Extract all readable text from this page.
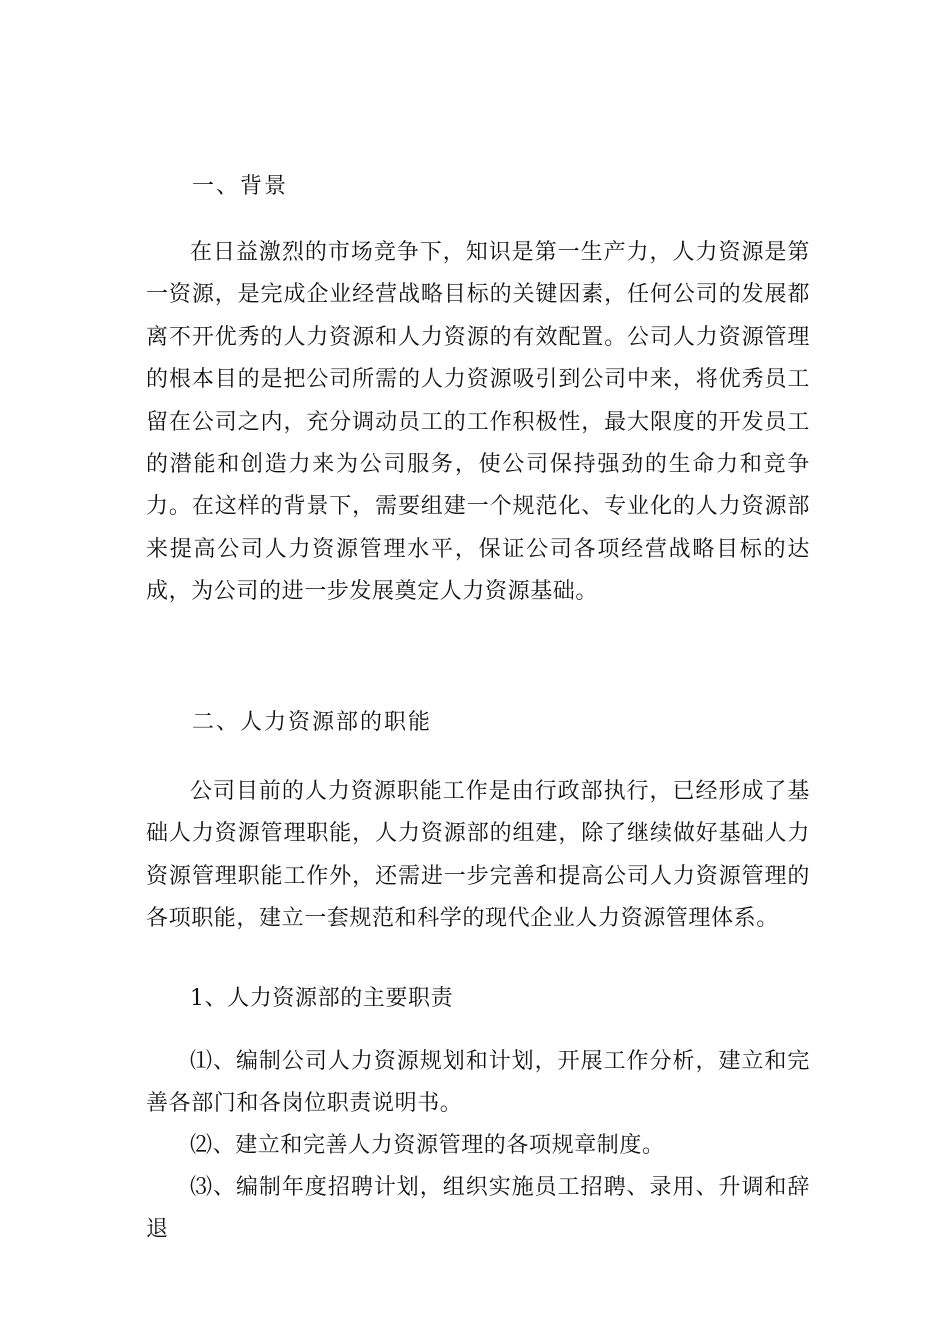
一、背景

在日益激烈的市场竞争下，知识是第一生产力，人力资源是第一资源，是完成企业经营战略目标的关键因素，任何公司的发展都离不开优秀的人力资源和人力资源的有效配置。公司人力资源管理的根本目的是把公司所需的人力资源吸引到公司中来，将优秀员工留在公司之内，充分调动员工的工作积极性，最大限度的开发员工的潜能和创造力来为公司服务，使公司保持强劲的生命力和竞争力。在这样的背景下，需要组建一个规范化、专业化的人力资源部来提高公司人力资源管理水平，保证公司各项经营战略目标的达成，为公司的进一步发展奠定人力资源基础。

二、人力资源部的职能

公司目前的人力资源职能工作是由行政部执行，已经形成了基础人力资源管理职能，人力资源部的组建，除了继续做好基础人力资源管理职能工作外，还需进一步完善和提高公司人力资源管理的各项职能，建立一套规范和科学的现代企业人力资源管理体系。

1、人力资源部的主要职责

⑴、编制公司人力资源规划和计划，开展工作分析，建立和完善各部门和各岗位职责说明书。

⑵、建立和完善人力资源管理的各项规章制度。

⑶、编制年度招聘计划，组织实施员工招聘、录用、升调和辞退
